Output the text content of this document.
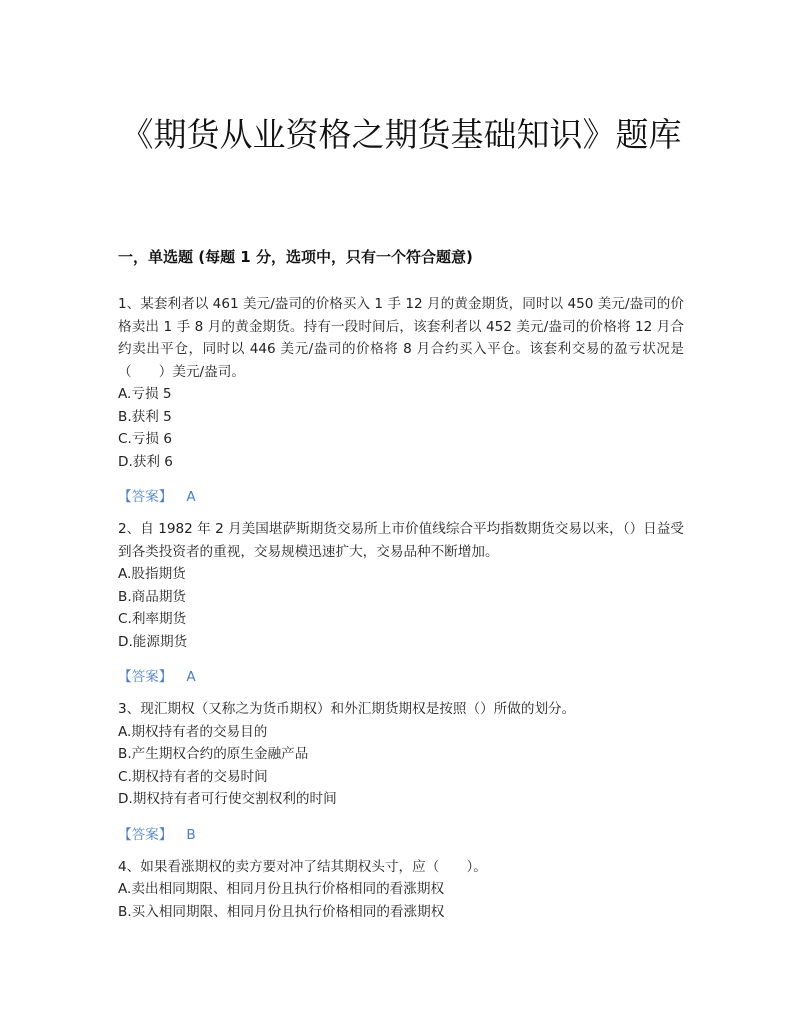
《期货从业资格之期货基础知识》题库
一，单选题 (每题 1 分，选项中，只有一个符合题意)

1、某套利者以 461 美元/盎司的价格买入 1 手 12 月的黄金期货，同时以 450 美元/盎司的价格卖出 1 手 8 月的黄金期货。持有一段时间后，该套利者以 452 美元/盎司的价格将 12 月合约卖出平仓，同时以 446 美元/盎司的价格将 8 月合约买入平仓。该套利交易的盈亏状况是（　　）美元/盎司。

A.亏损 5

B.获利 5

C.亏损 6

D.获利 6

【答案】 A

2、自 1982 年 2 月美国堪萨斯期货交易所上市价值线综合平均指数期货交易以来，（）日益受到各类投资者的重视，交易规模迅速扩大，交易品种不断增加。

A.股指期货

B.商品期货

C.利率期货

D.能源期货

【答案】 A

3、现汇期权（又称之为货币期权）和外汇期货期权是按照（）所做的划分。

A.期权持有者的交易目的

B.产生期权合约的原生金融产品

C.期权持有者的交易时间

D.期权持有者可行使交割权利的时间

【答案】 B

4、如果看涨期权的卖方要对冲了结其期权头寸，应（　　）。

A.卖出相同期限、相同月份且执行价格相同的看涨期权

B.买入相同期限、相同月份且执行价格相同的看涨期权
